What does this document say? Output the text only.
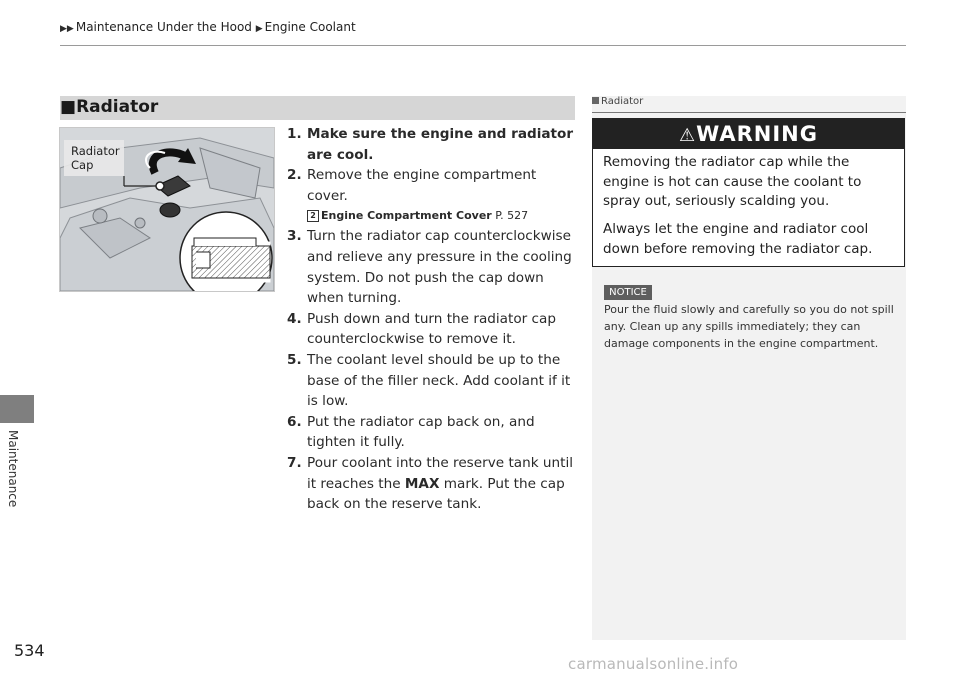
▶▶ Maintenance Under the Hood ▶ Engine Coolant
Maintenance
534
■Radiator
Radiator
Cap
1. Make sure the engine and radiator are cool.
2. Remove the engine compartment cover.
2 Engine Compartment Cover P. 527
3. Turn the radiator cap counterclockwise and relieve any pressure in the cooling system. Do not push the cap down when turning.
4. Push down and turn the radiator cap counterclockwise to remove it.
5. The coolant level should be up to the base of the filler neck. Add coolant if it is low.
6. Put the radiator cap back on, and tighten it fully.
7. Pour coolant into the reserve tank until it reaches the MAX mark. Put the cap back on the reserve tank.
Radiator
⚠WARNING
Removing the radiator cap while the engine is hot can cause the coolant to spray out, seriously scalding you.
Always let the engine and radiator cool down before removing the radiator cap.
NOTICE
Pour the fluid slowly and carefully so you do not spill any. Clean up any spills immediately; they can damage components in the engine compartment.
carmanualsonline.info
